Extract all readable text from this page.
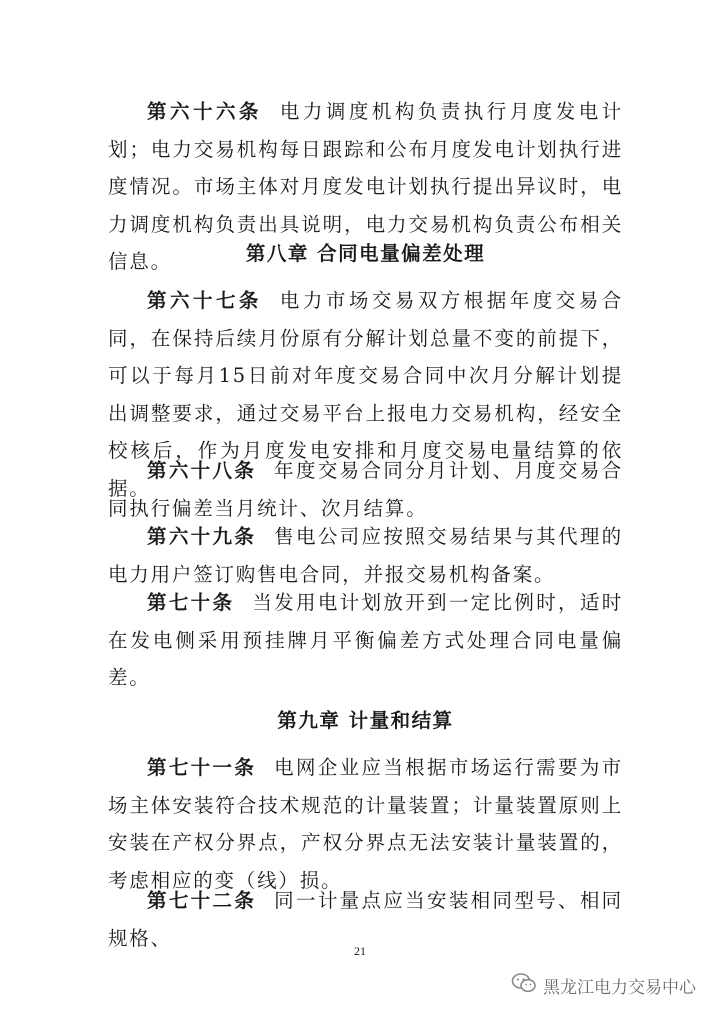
第六十六条 电力调度机构负责执行月度发电计划；电力交易机构每日跟踪和公布月度发电计划执行进度情况。市场主体对月度发电计划执行提出异议时，电力调度机构负责出具说明，电力交易机构负责公布相关信息。	第八章 合同电量偏差处理

第六十七条 电力市场交易双方根据年度交易合同，在保持后续月份原有分解计划总量不变的前提下，可以于每月15日前对年度交易合同中次月分解计划提出调整要求，通过交易平台上报电力交易机构，经安全校核后，作为月度发电安排和月度交易电量结算的依据。

第六十八条 年度交易合同分月计划、月度交易合同执行偏差当月统计、次月结算。

第六十九条 售电公司应按照交易结果与其代理的电力用户签订购售电合同，并报交易机构备案。

第七十条 当发用电计划放开到一定比例时，适时在发电侧采用预挂牌月平衡偏差方式处理合同电量偏差。

第九章 计量和结算

第七十一条 电网企业应当根据市场运行需要为市场主体安装符合技术规范的计量装置；计量装置原则上安装在产权分界点，产权分界点无法安装计量装置的，考虑相应的变（线）损。

第七十二条 同一计量点应当安装相同型号、相同规格、

21
黑龙江电力交易中心
